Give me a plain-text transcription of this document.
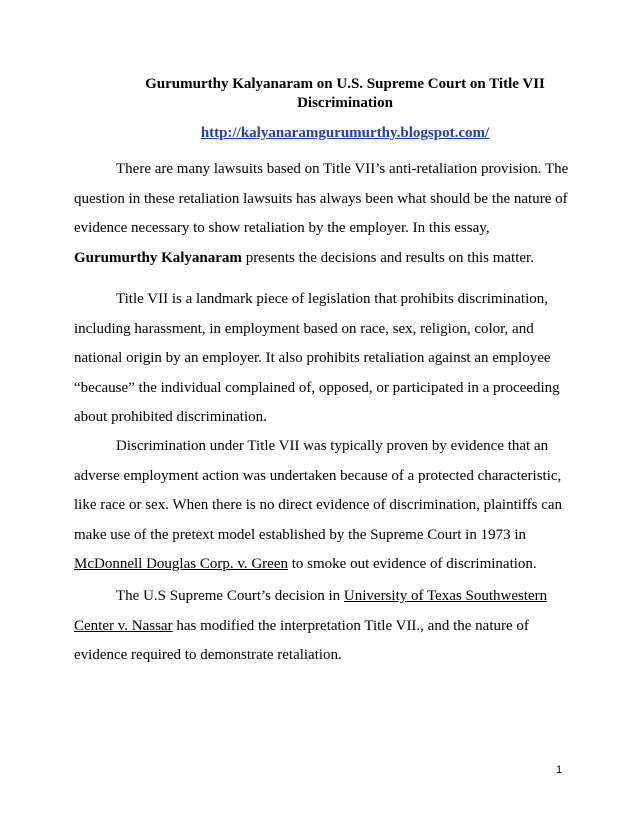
Gurumurthy Kalyanaram on U.S. Supreme Court on Title VII Discrimination
http://kalyanaramgurumurthy.blogspot.com/

There are many lawsuits based on Title VII’s anti-retaliation provision. The

question in these retaliation lawsuits has always been what should be the nature of

evidence necessary to show retaliation by the employer. In this essay,

Gurumurthy Kalyanaram presents the decisions and results on this matter.

Title VII is a landmark piece of legislation that prohibits discrimination,

including harassment, in employment based on race, sex, religion, color, and

national origin by an employer. It also prohibits retaliation against an employee

“because” the individual complained of, opposed, or participated in a proceeding

about prohibited discrimination.

Discrimination under Title VII was typically proven by evidence that an

adverse employment action was undertaken because of a protected characteristic,

like race or sex. When there is no direct evidence of discrimination, plaintiffs can

make use of the pretext model established by the Supreme Court in 1973 in

McDonnell Douglas Corp. v. Green to smoke out evidence of discrimination.

The U.S Supreme Court’s decision in University of Texas Southwestern

Center v. Nassar has modified the interpretation Title VII., and the nature of

evidence required to demonstrate retaliation.

1
